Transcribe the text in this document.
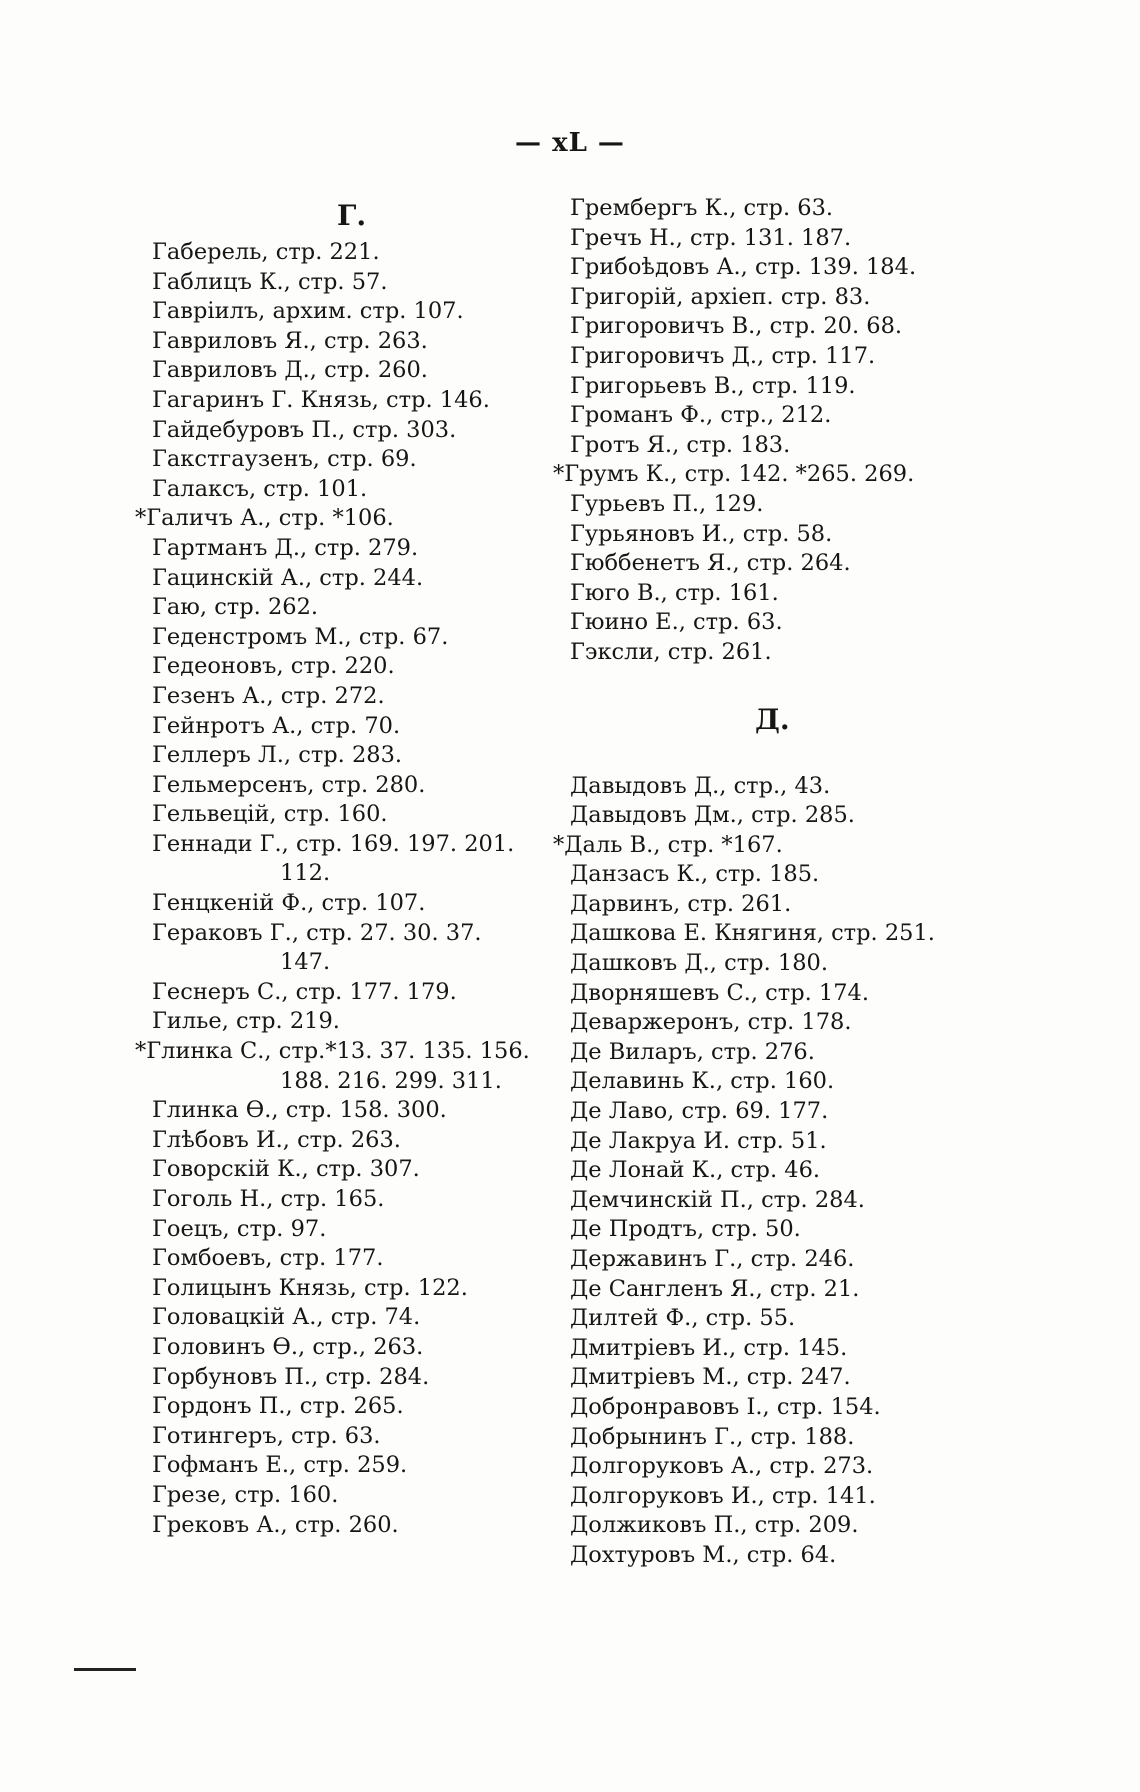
— xL —
Г.
Габерель, стр. 221.
Габлицъ К., стр. 57.
Гавріилъ, архим. стр. 107.
Гавриловъ Я., стр. 263.
Гавриловъ Д., стр. 260.
Гагаринъ Г. Князь, стр. 146.
Гайдебуровъ П., стр. 303.
Гакстгаузенъ, стр. 69.
Галаксъ, стр. 101.
*Галичъ А., стр. *106.
Гартманъ Д., стр. 279.
Гацинскій А., стр. 244.
Гаю, стр. 262.
Геденстромъ М., стр. 67.
Гедеоновъ, стр. 220.
Гезенъ А., стр. 272.
Гейнротъ А., стр. 70.
Геллеръ Л., стр. 283.
Гельмерсенъ, стр. 280.
Гельвецій, стр. 160.
Геннади Г., стр. 169. 197. 201.
112.
Генцкеній Ф., стр. 107.
Гераковъ Г., стр. 27. 30. 37.
147.
Геснеръ С., стр. 177. 179.
Гилье, стр. 219.
*Глинка С., стр.*13. 37. 135. 156.
188. 216. 299. 311.
Глинка Ѳ., стр. 158. 300.
Глѣбовъ И., стр. 263.
Говорскій К., стр. 307.
Гоголь Н., стр. 165.
Гоецъ, стр. 97.
Гомбоевъ, стр. 177.
Голицынъ Князь, стр. 122.
Головацкій А., стр. 74.
Головинъ Ѳ., стр., 263.
Горбуновъ П., стр. 284.
Гордонъ П., стр. 265.
Готингеръ, стр. 63.
Гофманъ Е., стр. 259.
Грезе, стр. 160.
Грековъ А., стр. 260.
Грембергъ К., стр. 63.
Гречъ Н., стр. 131. 187.
Грибоѣдовъ А., стр. 139. 184.
Григорій, архіеп. стр. 83.
Григоровичъ В., стр. 20. 68.
Григоровичъ Д., стр. 117.
Григорьевъ В., стр. 119.
Громанъ Ф., стр., 212.
Гротъ Я., стр. 183.
*Грумъ К., стр. 142. *265. 269.
Гурьевъ П., 129.
Гурьяновъ И., стр. 58.
Гюббенетъ Я., стр. 264.
Гюго В., стр. 161.
Гюино Е., стр. 63.
Гэксли, стр. 261.
Д.
Давыдовъ Д., стр., 43.
Давыдовъ Дм., стр. 285.
*Даль В., стр. *167.
Данзасъ К., стр. 185.
Дарвинъ, стр. 261.
Дашкова Е. Княгиня, стр. 251.
Дашковъ Д., стр. 180.
Дворняшевъ С., стр. 174.
Деваржеронъ, стр. 178.
Де Виларъ, стр. 276.
Делавинь К., стр. 160.
Де Лаво, стр. 69. 177.
Де Лакруа И. стр. 51.
Де Лонай К., стр. 46.
Демчинскій П., стр. 284.
Де Продтъ, стр. 50.
Державинъ Г., стр. 246.
Де Сангленъ Я., стр. 21.
Дилтей Ф., стр. 55.
Дмитріевъ И., стр. 145.
Дмитріевъ М., стр. 247.
Добронравовъ І., стр. 154.
Добрынинъ Г., стр. 188.
Долгоруковъ А., стр. 273.
Долгоруковъ И., стр. 141.
Должиковъ П., стр. 209.
Дохтуровъ М., стр. 64.
